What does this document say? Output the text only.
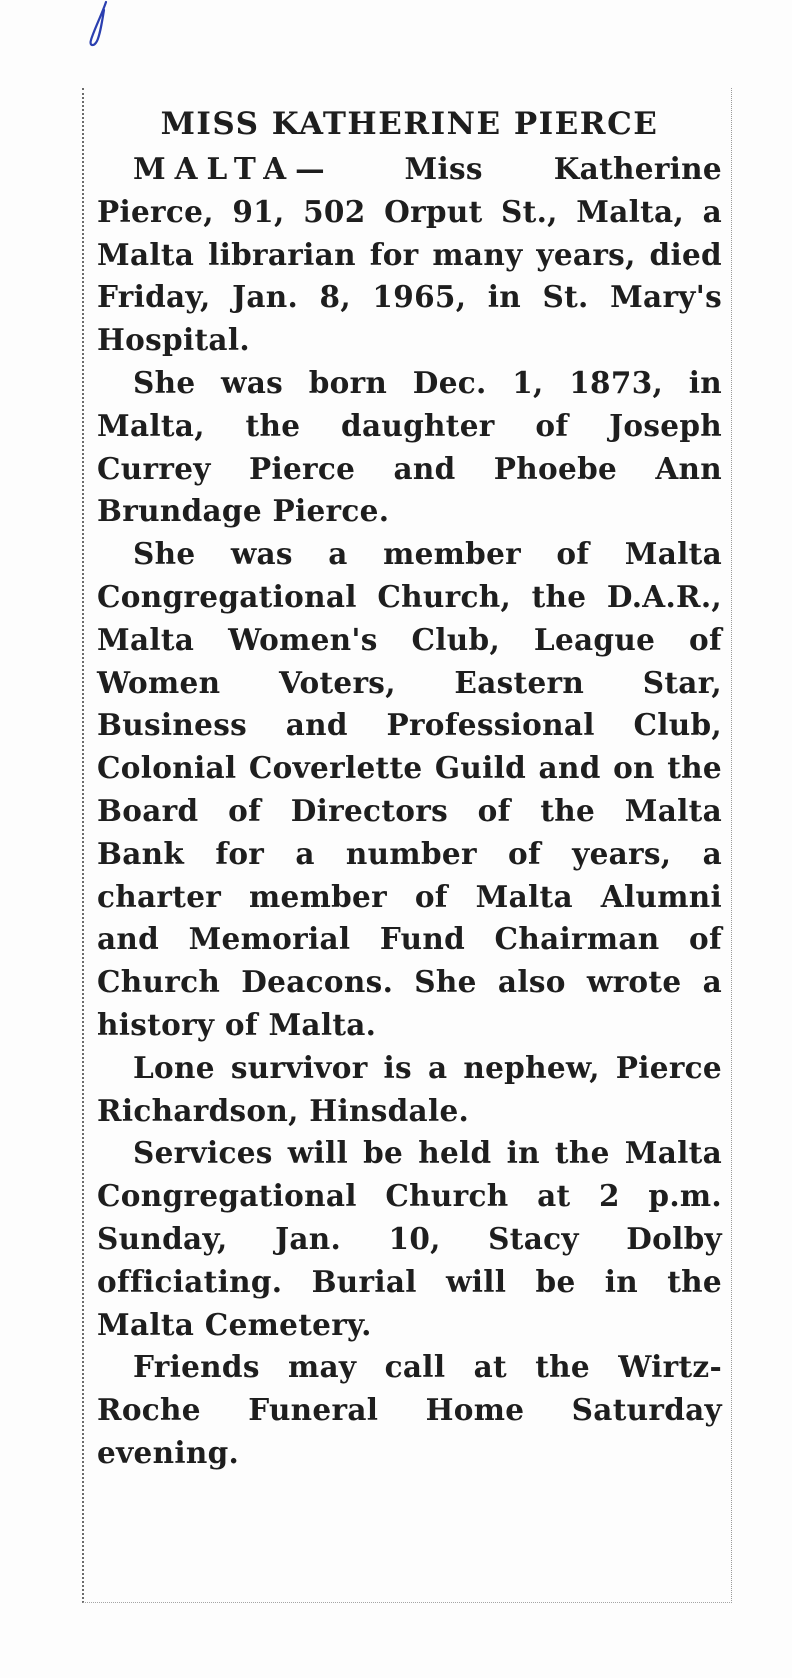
MISS KATHERINE PIERCE

MALTA— Miss Katherine Pierce, 91, 502 Orput St., Malta, a Malta librarian for many years, died Friday, Jan. 8, 1965, in St. Mary's Hospital.

She was born Dec. 1, 1873, in Malta, the daughter of Joseph Currey Pierce and Phoebe Ann Brundage Pierce.

She was a member of Malta Congregational Church, the D.A.R., Malta Women's Club, League of Women Voters, Eastern Star, Business and Professional Club, Colonial Coverlette Guild and on the Board of Directors of the Malta Bank for a number of years, a charter member of Malta Alumni and Memorial Fund Chairman of Church Deacons. She also wrote a history of Malta.

Lone survivor is a nephew, Pierce Richardson, Hinsdale.

Services will be held in the Malta Congregational Church at 2 p.m. Sunday, Jan. 10, Stacy Dolby officiating. Burial will be in the Malta Cemetery.

Friends may call at the Wirtz-Roche Funeral Home Saturday evening.
